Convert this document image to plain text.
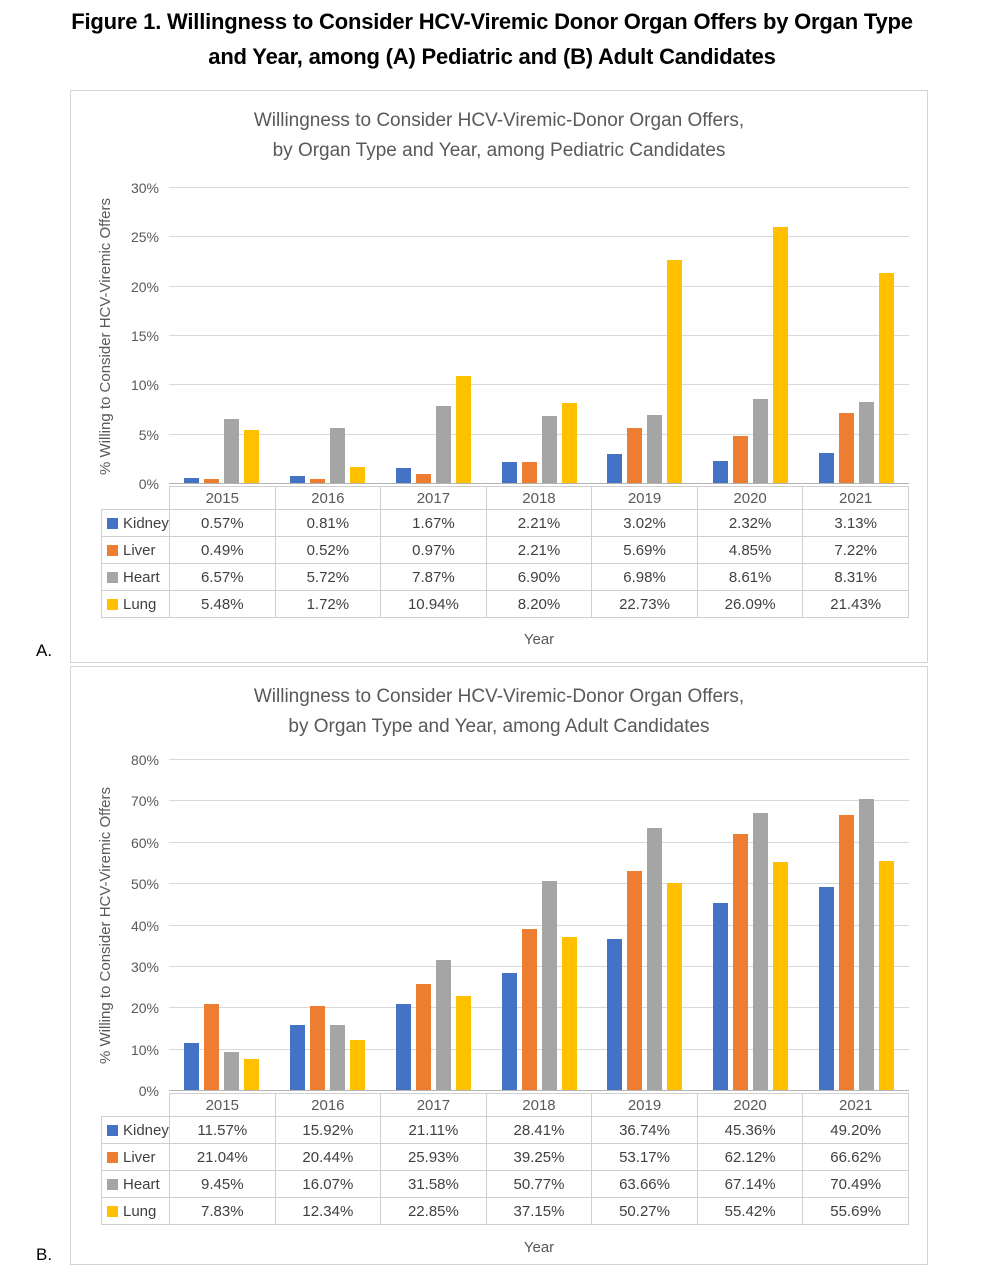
Figure 1. Willingness to Consider HCV-Viremic Donor Organ Offers by Organ Type
and Year, among (A) Pediatric and (B) Adult Candidates
Willingness to Consider HCV-Viremic-Donor Organ Offers,
by Organ Type and Year, among Pediatric Candidates
% Willing to Consider HCV-Viremic Offers
0%
5%
10%
15%
20%
25%
30%
	2015	2016	2017	2018	2019	2020	2021
Kidney	0.57%	0.81%	1.67%	2.21%	3.02%	2.32%	3.13%
Liver	0.49%	0.52%	0.97%	2.21%	5.69%	4.85%	7.22%
Heart	6.57%	5.72%	7.87%	6.90%	6.98%	8.61%	8.31%
Lung	5.48%	1.72%	10.94%	8.20%	22.73%	26.09%	21.43%
Year
A.
Willingness to Consider HCV-Viremic-Donor Organ Offers,
by Organ Type and Year, among Adult Candidates
% Willing to Consider HCV-Viremic Offers
0%
10%
20%
30%
40%
50%
60%
70%
80%
	2015	2016	2017	2018	2019	2020	2021
Kidney	11.57%	15.92%	21.11%	28.41%	36.74%	45.36%	49.20%
Liver	21.04%	20.44%	25.93%	39.25%	53.17%	62.12%	66.62%
Heart	9.45%	16.07%	31.58%	50.77%	63.66%	67.14%	70.49%
Lung	7.83%	12.34%	22.85%	37.15%	50.27%	55.42%	55.69%
Year
B.
